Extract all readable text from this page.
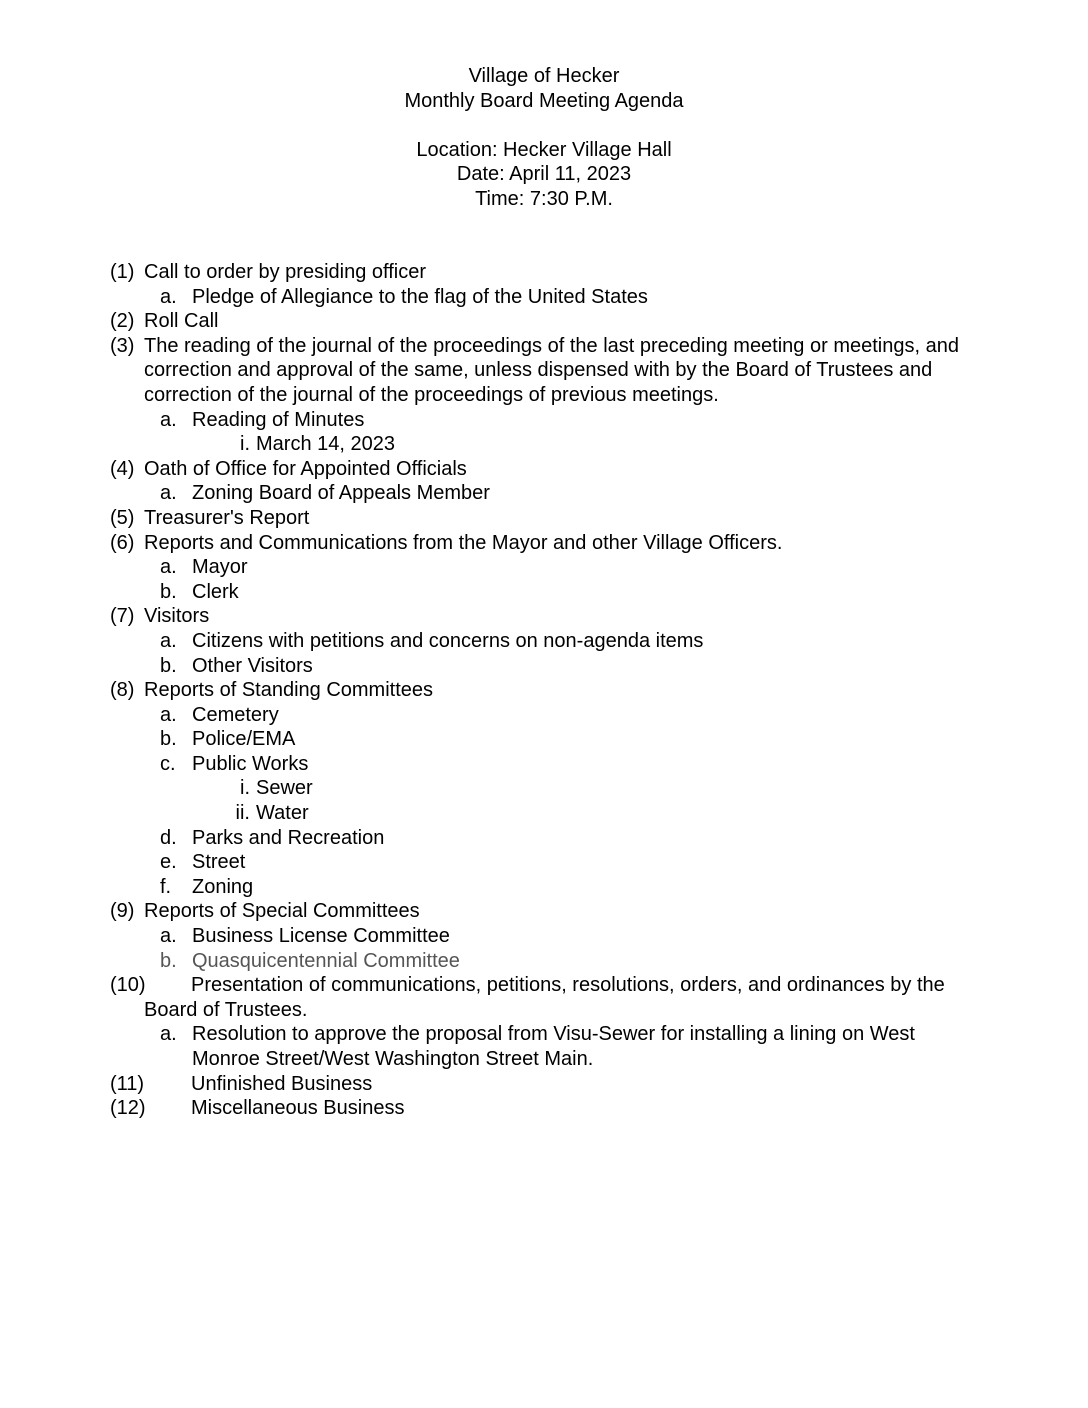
Village of Hecker
Monthly Board Meeting Agenda
Location: Hecker Village Hall
Date: April 11, 2023
Time: 7:30 P.M.
(1) Call to order by presiding officer
a. Pledge of Allegiance to the flag of the United States
(2) Roll Call
(3) The reading of the journal of the proceedings of the last preceding meeting or meetings, and correction and approval of the same, unless dispensed with by the Board of Trustees and correction of the journal of the proceedings of previous meetings.
a. Reading of Minutes
i. March 14, 2023
(4) Oath of Office for Appointed Officials
a. Zoning Board of Appeals Member
(5) Treasurer's Report
(6) Reports and Communications from the Mayor and other Village Officers.
a. Mayor
b. Clerk
(7) Visitors
a. Citizens with petitions and concerns on non-agenda items
b. Other Visitors
(8) Reports of Standing Committees
a. Cemetery
b. Police/EMA
c. Public Works
i. Sewer
ii. Water
d. Parks and Recreation
e. Street
f. Zoning
(9) Reports of Special Committees
a. Business License Committee
b. Quasquicentennial Committee
(10)	Presentation of communications, petitions, resolutions, orders, and ordinances by the
Board of Trustees.
a. Resolution to approve the proposal from Visu-Sewer for installing a lining on West Monroe Street/West Washington Street Main.
(11) Unfinished Business
(12) Miscellaneous Business
